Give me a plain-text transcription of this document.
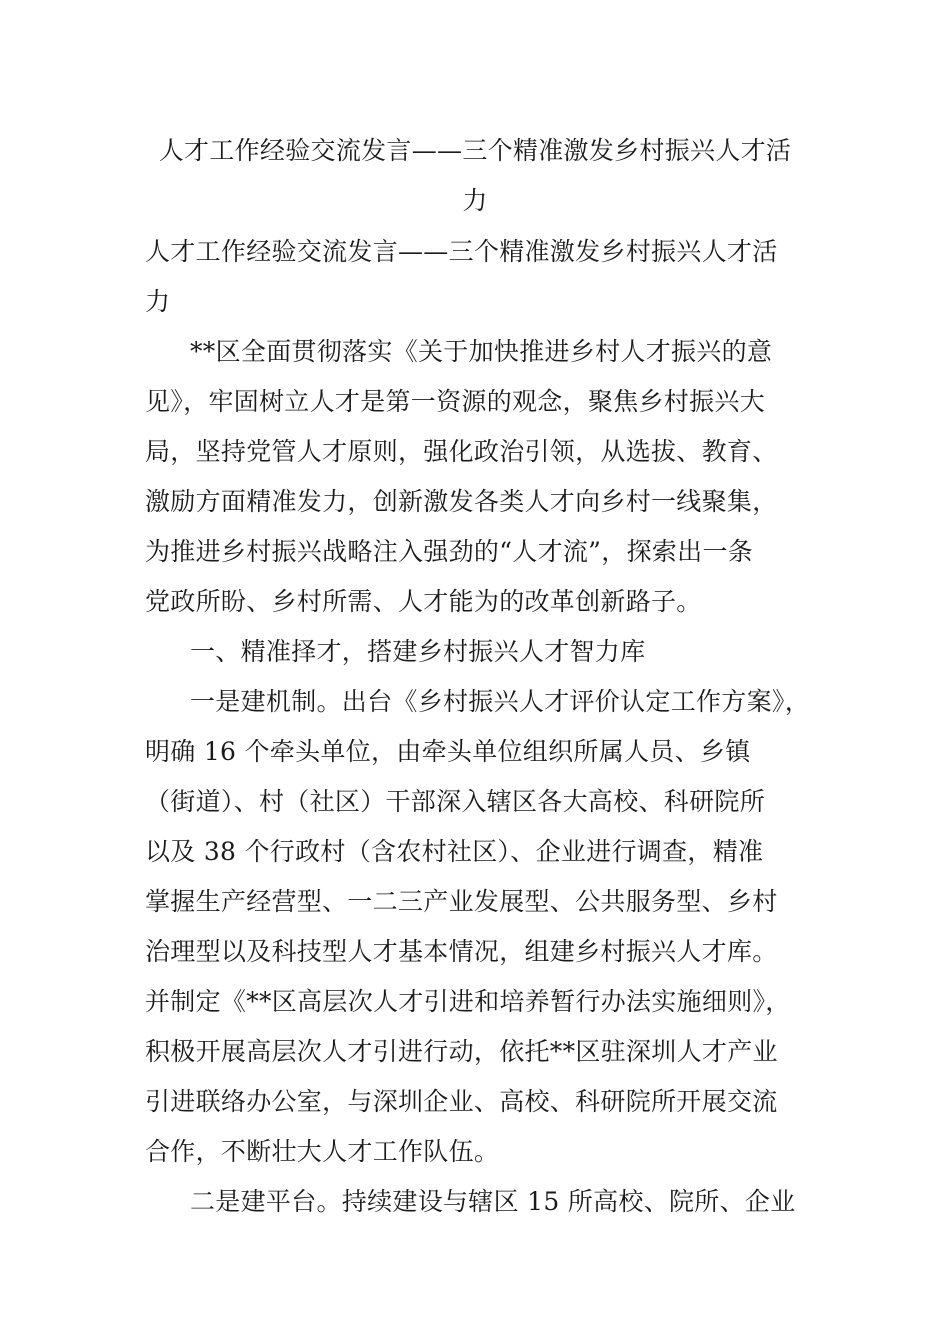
人才工作经验交流发言——三个精准激发乡村振兴人才活
力
人才工作经验交流发言——三个精准激发乡村振兴人才活
力
**区全面贯彻落实《关于加快推进乡村人才振兴的意
见》，牢固树立人才是第一资源的观念，聚焦乡村振兴大
局，坚持党管人才原则，强化政治引领，从选拔、教育、
激励方面精准发力，创新激发各类人才向乡村一线聚集，
为推进乡村振兴战略注入强劲的“人才流”，探索出一条
党政所盼、乡村所需、人才能为的改革创新路子。
一、精准择才，搭建乡村振兴人才智力库
一是建机制。出台《乡村振兴人才评价认定工作方案》，
明确 16 个牵头单位，由牵头单位组织所属人员、乡镇
（街道）、村（社区）干部深入辖区各大高校、科研院所
以及 38 个行政村（含农村社区）、企业进行调查，精准
掌握生产经营型、一二三产业发展型、公共服务型、乡村
治理型以及科技型人才基本情况，组建乡村振兴人才库。
并制定《**区高层次人才引进和培养暂行办法实施细则》，
积极开展高层次人才引进行动，依托**区驻深圳人才产业
引进联络办公室，与深圳企业、高校、科研院所开展交流
合作，不断壮大人才工作队伍。
二是建平台。持续建设与辖区 15 所高校、院所、企业
